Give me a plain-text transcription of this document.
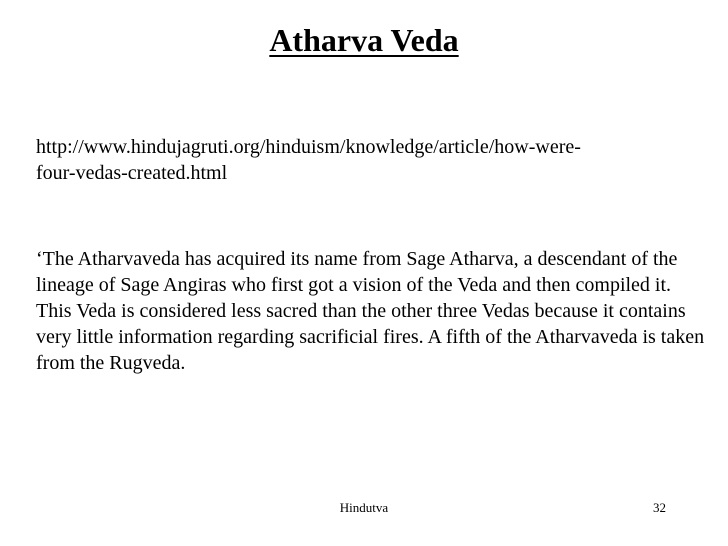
Atharva Veda
http://www.hindujagruti.org/hinduism/knowledge/article/how-were-
four-vedas-created.html
‘The Atharvaveda has acquired its name from Sage Atharva, a descendant of the lineage of Sage Angiras who first got a vision of the Veda and then compiled it. This Veda is considered less sacred than the other three Vedas because it contains very little information regarding sacrificial fires. A fifth of the Atharvaveda is taken from the Rugveda.
Hindutva	32
